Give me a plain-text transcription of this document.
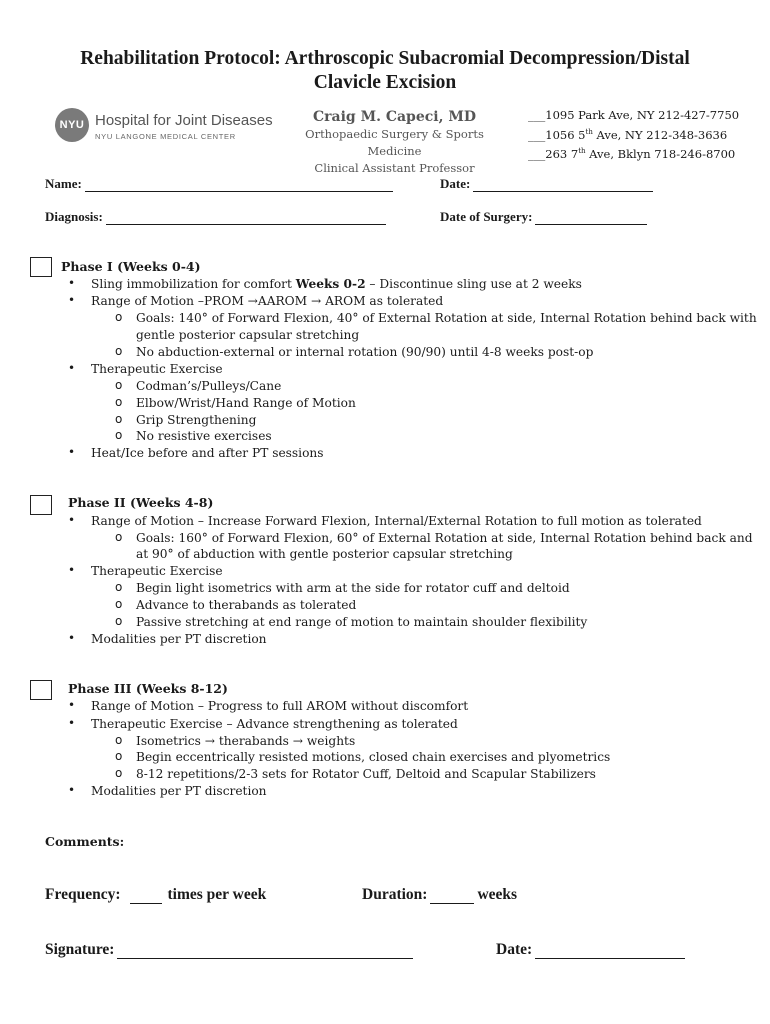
Rehabilitation Protocol: Arthroscopic Subacromial Decompression/Distal
Clavicle Excision
NYU Hospital for Joint Diseases
NYU LANGONE MEDICAL CENTER
Craig M. Capeci, MD
Orthopaedic Surgery & Sports Medicine
Clinical Assistant Professor
___1095 Park Ave, NY 212-427-7750
___1056 5th Ave, NY 212-348-3636
___263 7th Ave, Bklyn 718-246-8700
Name:	Date:
Diagnosis:	Date of Surgery:
Phase I (Weeks 0-4)
• Sling immobilization for comfort Weeks 0-2 – Discontinue sling use at 2 weeks
• Range of Motion –PROM →AAROM → AROM as tolerated
o Goals: 140° of Forward Flexion, 40° of External Rotation at side, Internal Rotation behind back with
gentle posterior capsular stretching
o No abduction-external or internal rotation (90/90) until 4-8 weeks post-op
• Therapeutic Exercise
o Codman’s/Pulleys/Cane
o Elbow/Wrist/Hand Range of Motion
o Grip Strengthening
o No resistive exercises
• Heat/Ice before and after PT sessions
Phase II (Weeks 4-8)
• Range of Motion – Increase Forward Flexion, Internal/External Rotation to full motion as tolerated
o Goals: 160° of Forward Flexion, 60° of External Rotation at side, Internal Rotation behind back and
at 90° of abduction with gentle posterior capsular stretching
• Therapeutic Exercise
o Begin light isometrics with arm at the side for rotator cuff and deltoid
o Advance to therabands as tolerated
o Passive stretching at end range of motion to maintain shoulder flexibility
• Modalities per PT discretion
Phase III (Weeks 8-12)
• Range of Motion – Progress to full AROM without discomfort
• Therapeutic Exercise – Advance strengthening as tolerated
o Isometrics → therabands → weights
o Begin eccentrically resisted motions, closed chain exercises and plyometrics
o 8-12 repetitions/2-3 sets for Rotator Cuff, Deltoid and Scapular Stabilizers
• Modalities per PT discretion
Comments:
Frequency:	times per week	Duration:	weeks
Signature:	Date:
